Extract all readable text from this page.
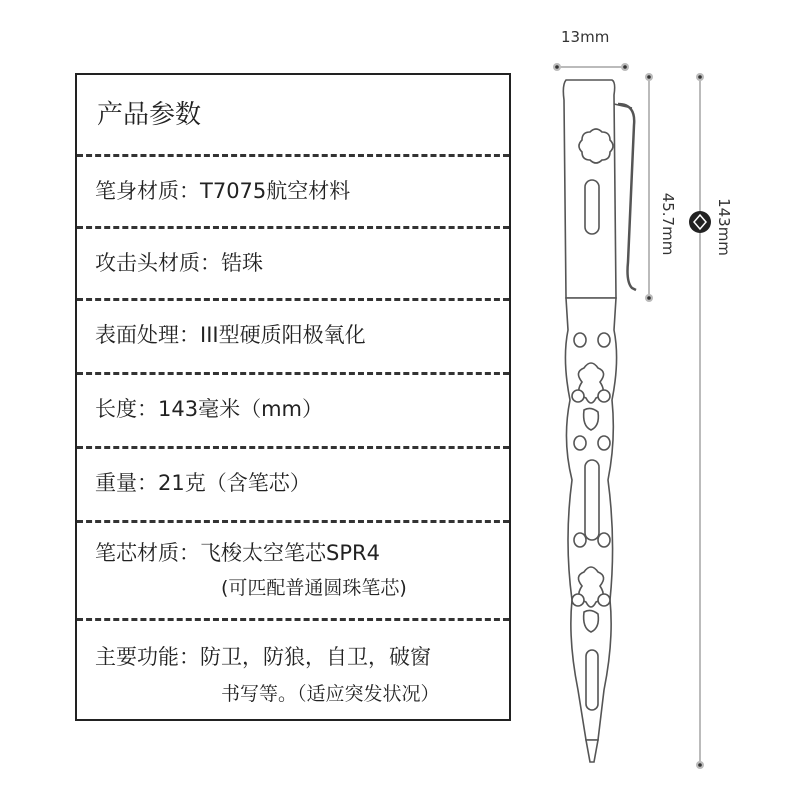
13mm
45.7mm	143mm
产品参数
笔身材质：T7075航空材料
攻击头材质：锆珠
表面处理：III型硬质阳极氧化
长度：143毫米（mm）
重量：21克（含笔芯）
笔芯材质：飞梭太空笔芯SPR4
(可匹配普通圆珠笔芯)
主要功能：防卫，防狼，自卫，破窗
书写等。（适应突发状况）
